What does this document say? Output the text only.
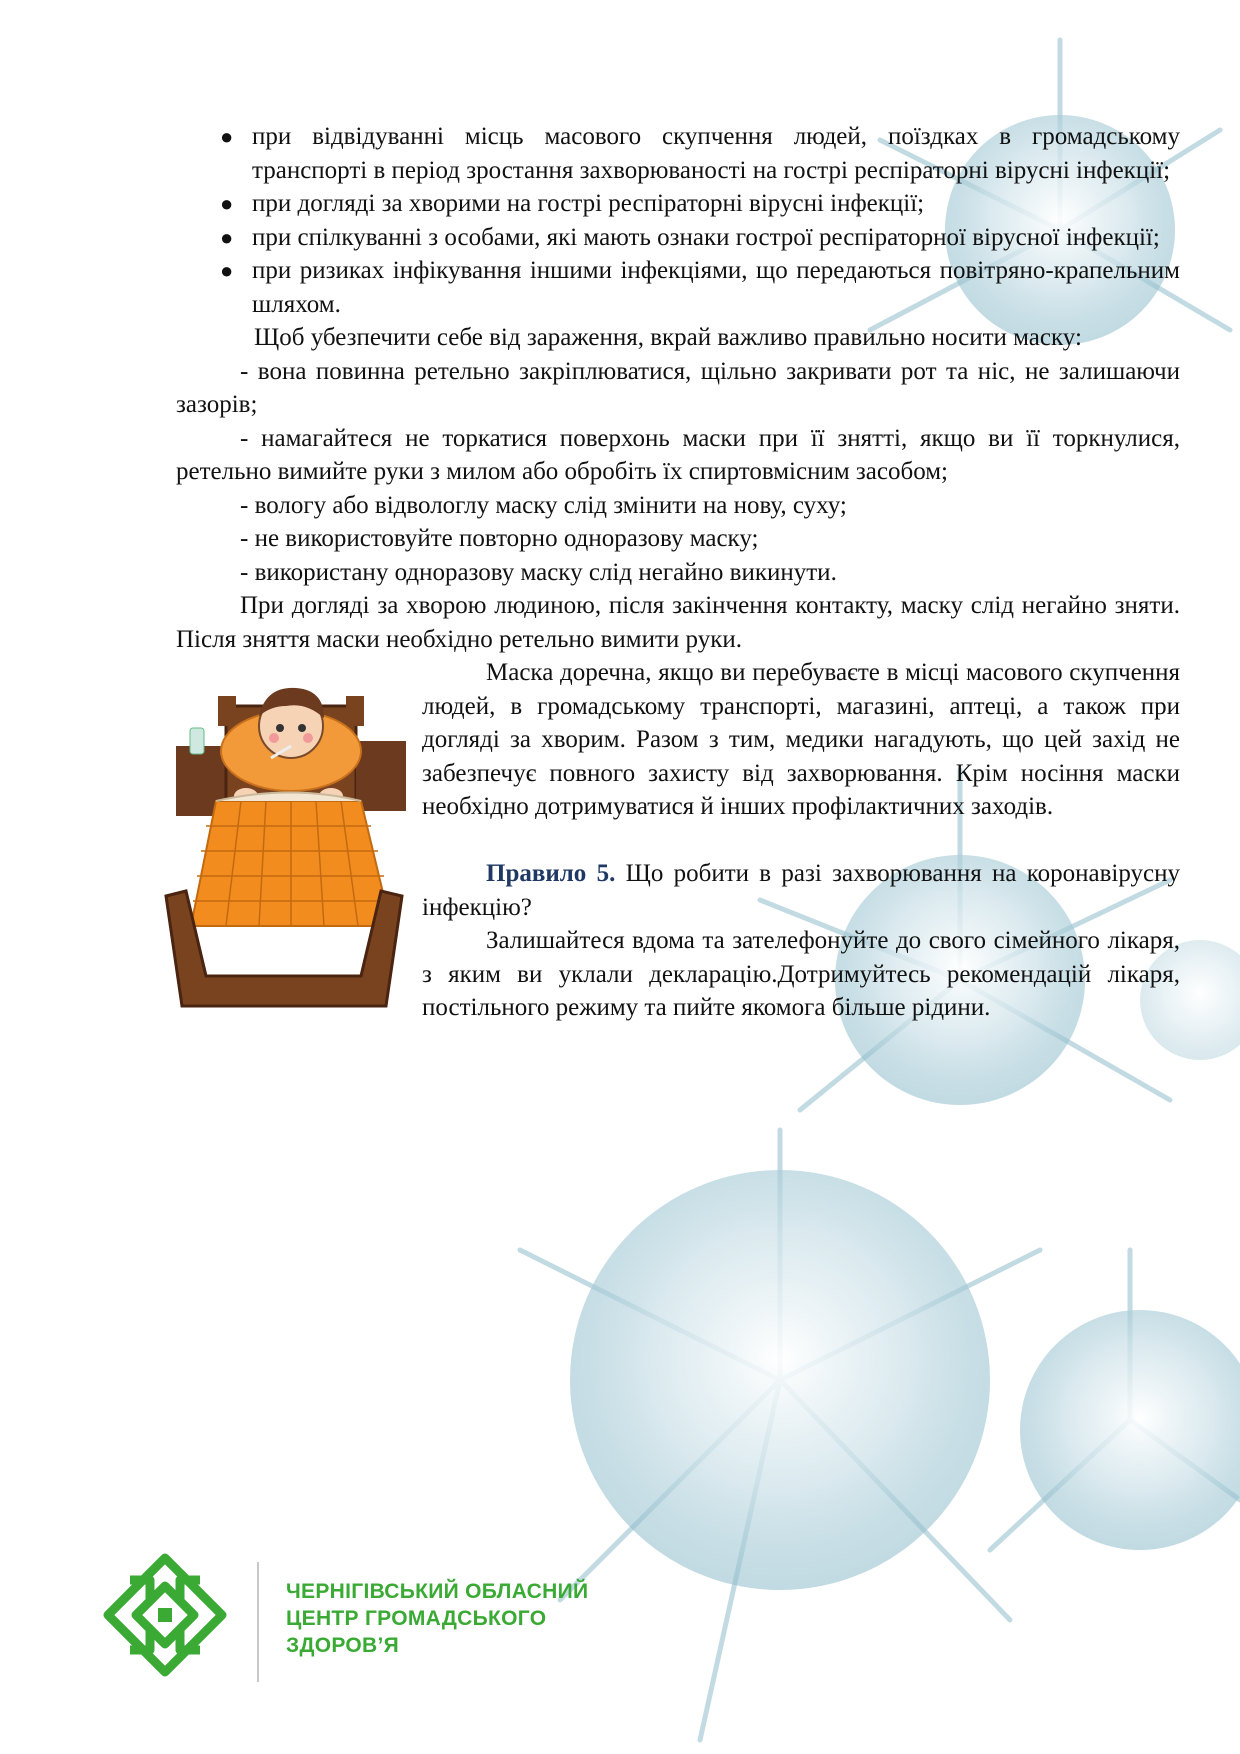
● при відвідуванні місць масового скупчення людей, поїздках в громадському транспорті в період зростання захворюваності на гострі респіраторні вірусні інфекції;
● при догляді за хворими на гострі респіраторні вірусні інфекції;
● при спілкуванні з особами, які мають ознаки гострої респіраторної вірусної інфекції;
● при ризиках інфікування іншими інфекціями, що передаються повітряно-крапельним шляхом.

Щоб убезпечити себе від зараження, вкрай важливо правильно носити маску:

- вона повинна ретельно закріплюватися, щільно закривати рот та ніс, не залишаючи зазорів;

- намагайтеся не торкатися поверхонь маски при її знятті, якщо ви її торкнулися, ретельно вимийте руки з милом або обробіть їх спиртовмісним засобом;

- вологу або відвологлу маску слід змінити на нову, суху;

- не використовуйте повторно одноразову маску;

- використану одноразову маску слід негайно викинути.

При догляді за хворою людиною, після закінчення контакту, маску слід негайно зняти. Після зняття маски необхідно ретельно вимити руки.

Маска доречна, якщо ви перебуваєте в місці масового скупчення людей, в громадському транспорті, магазині, аптеці, а також при догляді за хворим. Разом з тим, медики нагадують, що цей захід не забезпечує повного захисту від захворювання. Крім носіння маски необхідно дотримуватися й інших профілактичних заходів.

Правило 5. Що робити в разі захворювання на коронавірусну інфекцію?

Залишайтеся вдома та зателефонуйте до свого сімейного лікаря, з яким ви уклали декларацію.Дотримуйтесь рекомендацій лікаря, постільного режиму та пийте якомога більше рідини.

ЧЕРНІГІВСЬКИЙ ОБЛАСНИЙ
ЦЕНТР ГРОМАДСЬКОГО
ЗДОРОВ’Я
